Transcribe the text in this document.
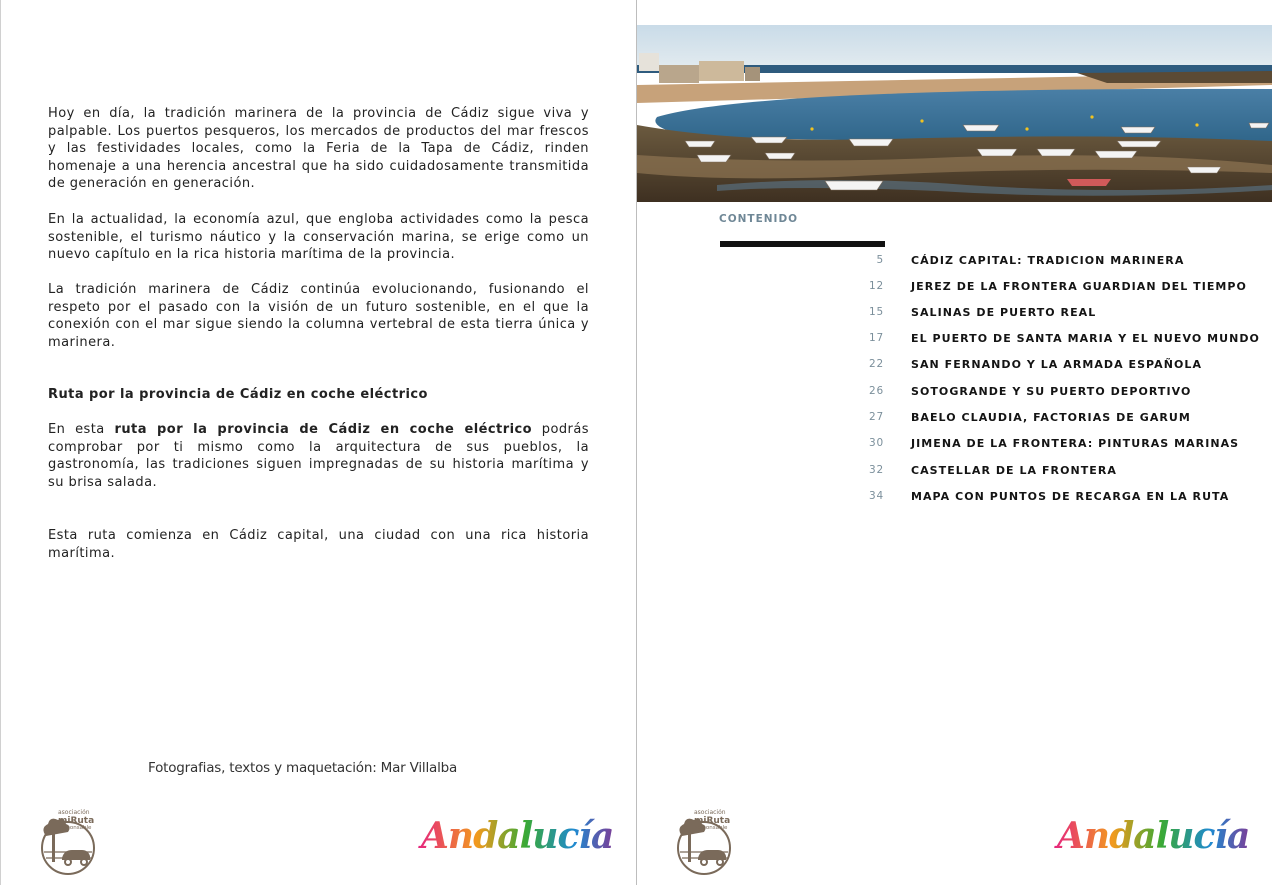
Hoy en día, la tradición marinera de la provincia de Cádiz sigue viva y palpable. Los puertos pesqueros, los mercados de productos del mar frescos y las festividades locales, como la Feria de la Tapa de Cádiz, rinden homenaje a una herencia ancestral que ha sido cuidadosamente transmitida de generación en generación.

En la actualidad, la economía azul, que engloba actividades como la pesca sostenible, el turismo náutico y la conservación marina, se erige como un nuevo capítulo en la rica historia marítima de la provincia.

La tradición marinera de Cádiz continúa evolucionando, fusionando el respeto por el pasado con la visión de un futuro sostenible, en el que la conexión con el mar sigue siendo la columna vertebral de esta tierra única y marinera.

Ruta por la provincia de Cádiz en coche eléctrico

En esta ruta por la provincia de Cádiz en coche eléctrico podrás comprobar por ti mismo como la arquitectura de sus pueblos, la gastronomía, las tradiciones siguen impregnadas de su historia marítima y su brisa salada.

Esta ruta comienza en Cádiz capital, una ciudad con una rica historia marítima.

Fotografias, textos y maquetación: Mar Villalba
asociación
miRuta
responsable	Andalucía
CONTENIDO
5 CÁDIZ CAPITAL: TRADICION MARINERA
12 JEREZ DE LA FRONTERA GUARDIAN DEL TIEMPO
15 SALINAS DE PUERTO REAL
17 EL PUERTO DE SANTA MARIA Y EL NUEVO MUNDO
22 SAN FERNANDO Y LA ARMADA ESPAÑOLA
26 SOTOGRANDE Y SU PUERTO DEPORTIVO
27 BAELO CLAUDIA, FACTORIAS DE GARUM
30 JIMENA DE LA FRONTERA: PINTURAS MARINAS
32 CASTELLAR DE LA FRONTERA
34 MAPA CON PUNTOS DE RECARGA EN LA RUTA
asociación
miRuta
responsable	Andalucía
